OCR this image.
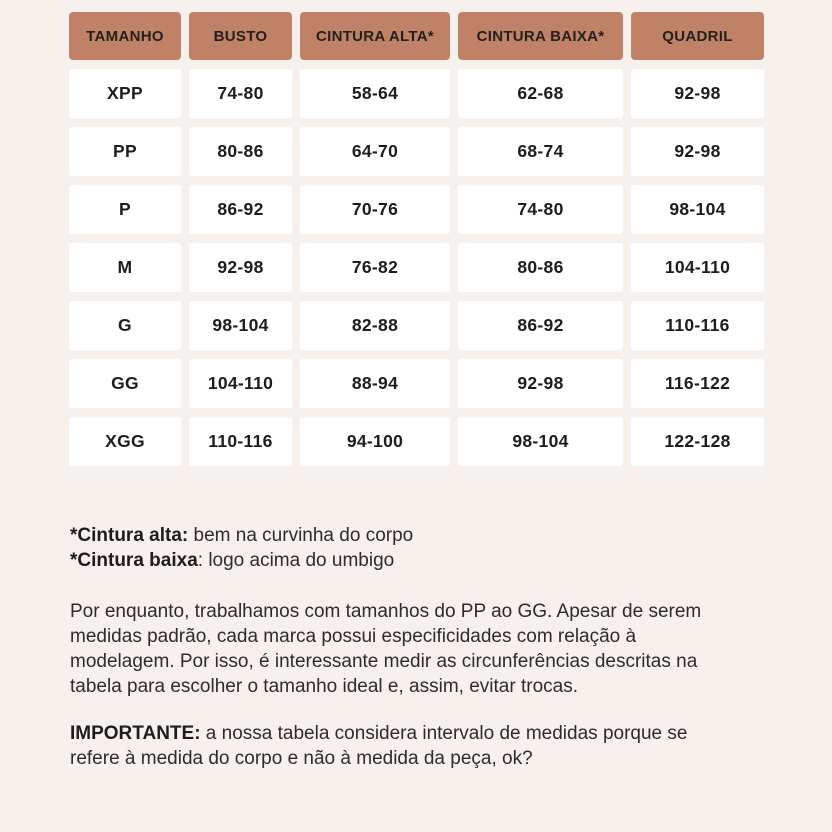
TAMANHO	BUSTO	CINTURA ALTA*	CINTURA BAIXA*	QUADRIL
XPP	74-80	58-64	62-68	92-98
PP	80-86	64-70	68-74	92-98
P	86-92	70-76	74-80	98-104
M	92-98	76-82	80-86	104-110
G	98-104	82-88	86-92	110-116
GG	104-110	88-94	92-98	116-122
XGG	110-116	94-100	98-104	122-128
*Cintura alta: bem na curvinha do corpo
*Cintura baixa: logo acima do umbigo
Por enquanto, trabalhamos com tamanhos do PP ao GG. Apesar de serem
medidas padrão, cada marca possui especificidades com relação à
modelagem. Por isso, é interessante medir as circunferências descritas na
tabela para escolher o tamanho ideal e, assim, evitar trocas.
IMPORTANTE: a nossa tabela considera intervalo de medidas porque se
refere à medida do corpo e não à medida da peça, ok?
